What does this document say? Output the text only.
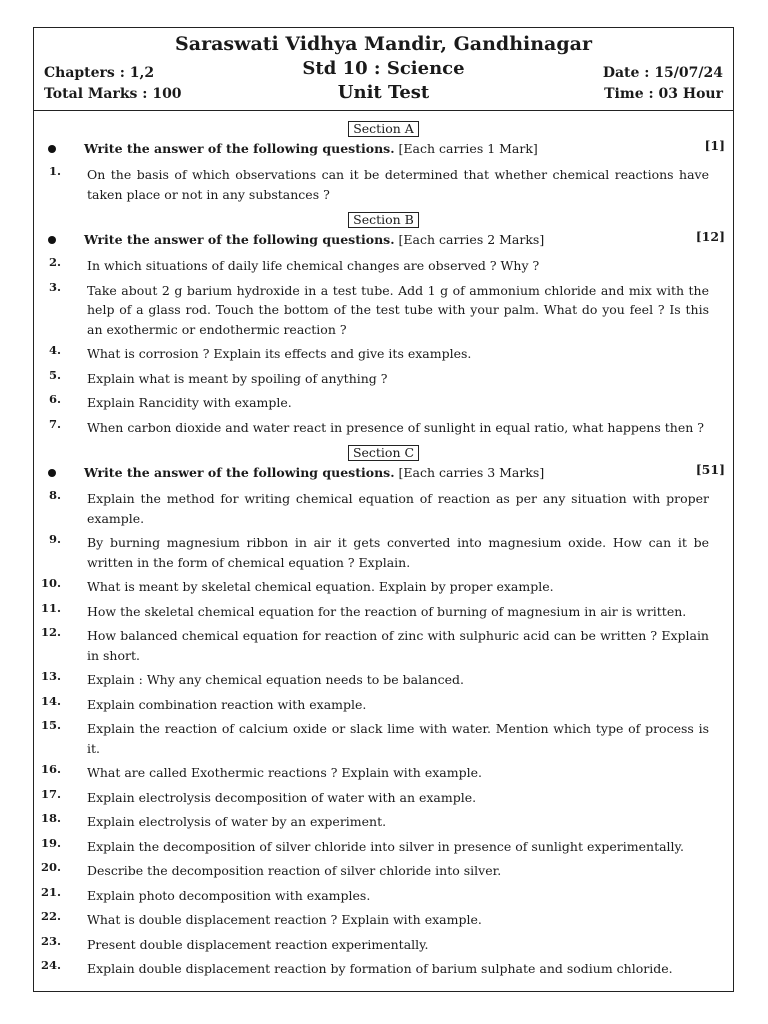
Saraswati Vidhya Mandir, Gandhinagar
Std 10 : Science
Unit Test
Chapters : 1,2
Total Marks : 100
Date : 15/07/24
Time : 03 Hour
Section A
Write the answer of the following questions. [Each carries 1 Mark]	[1]
1. On the basis of which observations can it be determined that whether chemical reactions have taken place or not in any substances ?
Section B
Write the answer of the following questions. [Each carries 2 Marks]	[12]
2. In which situations of daily life chemical changes are observed ? Why ?
3. Take about 2 g barium hydroxide in a test tube. Add 1 g of ammonium chloride and mix with the help of a glass rod. Touch the bottom of the test tube with your palm. What do you feel ? Is this an exothermic or endothermic reaction ?
4. What is corrosion ? Explain its effects and give its examples.
5. Explain what is meant by spoiling of anything ?
6. Explain Rancidity with example.
7. When carbon dioxide and water react in presence of sunlight in equal ratio, what happens then ?
Section C
Write the answer of the following questions. [Each carries 3 Marks]	[51]
8. Explain the method for writing chemical equation of reaction as per any situation with proper example.
9. By burning magnesium ribbon in air it gets converted into magnesium oxide. How can it be written in the form of chemical equation ? Explain.
10. What is meant by skeletal chemical equation. Explain by proper example.
11. How the skeletal chemical equation for the reaction of burning of magnesium in air is written.
12. How balanced chemical equation for reaction of zinc with sulphuric acid can be written ? Explain in short.
13. Explain : Why any chemical equation needs to be balanced.
14. Explain combination reaction with example.
15. Explain the reaction of calcium oxide or slack lime with water. Mention which type of process is it.
16. What are called Exothermic reactions ? Explain with example.
17. Explain electrolysis decomposition of water with an example.
18. Explain electrolysis of water by an experiment.
19. Explain the decomposition of silver chloride into silver in presence of sunlight experimentally.
20. Describe the decomposition reaction of silver chloride into silver.
21. Explain photo decomposition with examples.
22. What is double displacement reaction ? Explain with example.
23. Present double displacement reaction experimentally.
24. Explain double displacement reaction by formation of barium sulphate and sodium chloride.
